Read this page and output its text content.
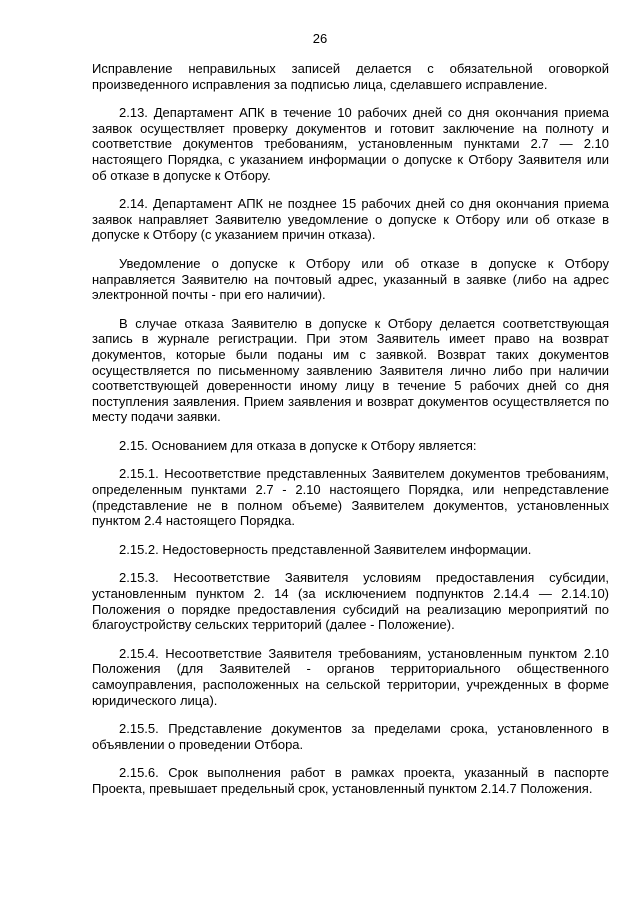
26

Исправление неправильных записей делается с обязательной оговоркой произведенного исправления за подписью лица, сделавшего исправление.

2.13. Департамент АПК в течение 10 рабочих дней со дня окончания приема заявок осуществляет проверку документов и готовит заключение на полноту и соответствие документов требованиям, установленным пунктами 2.7 — 2.10 настоящего Порядка, с указанием информации о допуске к Отбору Заявителя или об отказе в допуске к Отбору.

2.14. Департамент АПК не позднее 15 рабочих дней со дня окончания приема заявок направляет Заявителю уведомление о допуске к Отбору или об отказе в допуске к Отбору (с указанием причин отказа).

Уведомление о допуске к Отбору или об отказе в допуске к Отбору направляется Заявителю на почтовый адрес, указанный в заявке (либо на адрес электронной почты - при его наличии).

В случае отказа Заявителю в допуске к Отбору делается соответствующая запись в журнале регистрации. При этом Заявитель имеет право на возврат документов, которые были поданы им с заявкой. Возврат таких документов осуществляется по письменному заявлению Заявителя лично либо при наличии соответствующей доверенности иному лицу в течение 5 рабочих дней со дня поступления заявления. Прием заявления и возврат документов осуществляется по месту подачи заявки.

2.15. Основанием для отказа в допуске к Отбору является:

2.15.1. Несоответствие представленных Заявителем документов требованиям, определенным пунктами 2.7 - 2.10 настоящего Порядка, или непредставление (представление не в полном объеме) Заявителем документов, установленных пунктом 2.4 настоящего Порядка.

2.15.2. Недостоверность представленной Заявителем информации.

2.15.3. Несоответствие Заявителя условиям предоставления субсидии, установленным пунктом 2. 14 (за исключением подпунктов 2.14.4 — 2.14.10) Положения о порядке предоставления субсидий на реализацию мероприятий по благоустройству сельских территорий (далее - Положение).

2.15.4. Несоответствие Заявителя требованиям, установленным пунктом 2.10 Положения (для Заявителей - органов территориального общественного самоуправления, расположенных на сельской территории, учрежденных в форме юридического лица).

2.15.5. Представление документов за пределами срока, установленного в объявлении о проведении Отбора.

2.15.6. Срок выполнения работ в рамках проекта, указанный в паспорте Проекта, превышает предельный срок, установленный пунктом 2.14.7 Положения.
